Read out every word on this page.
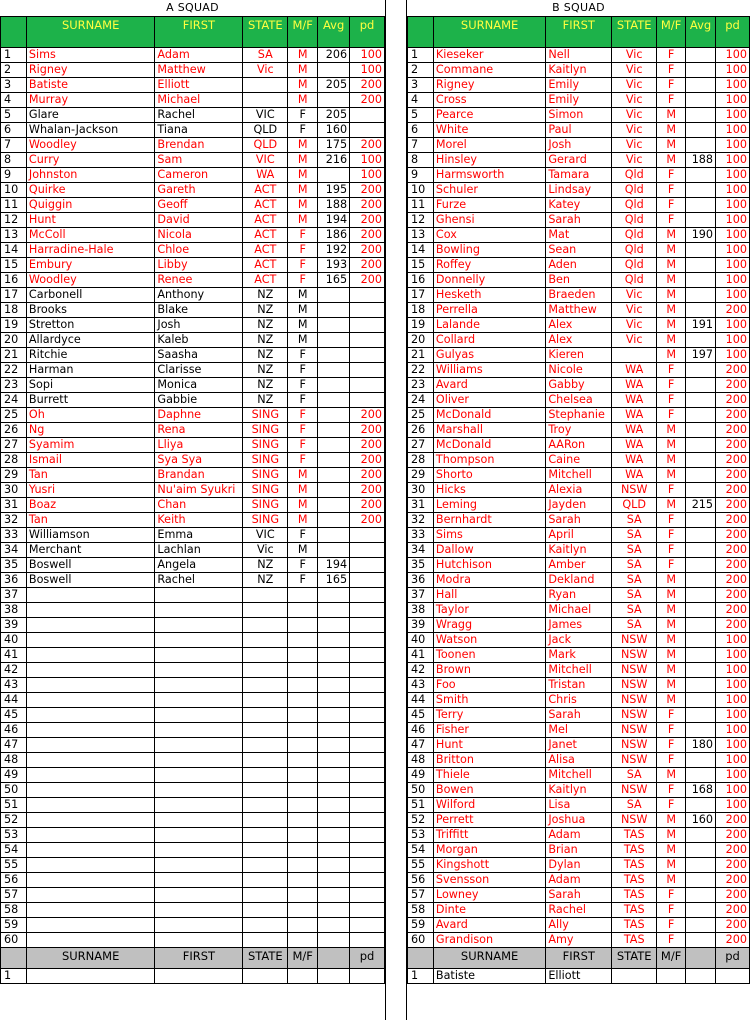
A SQUAD
	SURNAME	FIRST	STATE	M/F	Avg	pd
1	Sims	Adam	SA	M	206	100
2	Rigney	Matthew	Vic	M		100
3	Batiste	Elliott		M	205	200
4	Murray	Michael		M		200
5	Glare	Rachel	VIC	F	205	
6	Whalan-Jackson	Tiana	QLD	F	160	
7	Woodley	Brendan	QLD	M	175	200
8	Curry	Sam	VIC	M	216	100
9	Johnston	Cameron	WA	M		100
10	Quirke	Gareth	ACT	M	195	200
11	Quiggin	Geoff	ACT	M	188	200
12	Hunt	David	ACT	M	194	200
13	McColl	Nicola	ACT	F	186	200
14	Harradine-Hale	Chloe	ACT	F	192	200
15	Embury	Libby	ACT	F	193	200
16	Woodley	Renee	ACT	F	165	200
17	Carbonell	Anthony	NZ	M		
18	Brooks	Blake	NZ	M		
19	Stretton	Josh	NZ	M		
20	Allardyce	Kaleb	NZ	M		
21	Ritchie	Saasha	NZ	F		
22	Harman	Clarisse	NZ	F		
23	Sopi	Monica	NZ	F		
24	Burrett	Gabbie	NZ	F		
25	Oh	Daphne	SING	F		200
26	Ng	Rena	SING	F		200
27	Syamim	Lliya	SING	F		200
28	Ismail	Sya Sya	SING	F		200
29	Tan	Brandan	SING	M		200
30	Yusri	Nu'aim Syukri	SING	M		200
31	Boaz	Chan	SING	M		200
32	Tan	Keith	SING	M		200
33	Williamson	Emma	VIC	F		
34	Merchant	Lachlan	Vic	M		
35	Boswell	Angela	NZ	F	194	
36	Boswell	Rachel	NZ	F	165	
37						
38						
39						
40						
41						
42						
43						
44						
45						
46						
47						
48						
49						
50						
51						
52						
53						
54						
55						
56						
57						
58						
59						
60						
	SURNAME	FIRST	STATE	M/F		pd
1						
B SQUAD
	SURNAME	FIRST	STATE	M/F	Avg	pd
1	Kieseker	Nell	Vic	F		100
2	Commane	Kaitlyn	Vic	F		100
3	Rigney	Emily	Vic	F		100
4	Cross	Emily	Vic	F		100
5	Pearce	Simon	Vic	M		100
6	White	Paul	Vic	M		100
7	Morel	Josh	Vic	M		100
8	Hinsley	Gerard	Vic	M	188	100
9	Harmsworth	Tamara	Qld	F		100
10	Schuler	Lindsay	Qld	F		100
11	Furze	Katey	Qld	F		100
12	Ghensi	Sarah	Qld	F		100
13	Cox	Mat	Qld	M	190	100
14	Bowling	Sean	Qld	M		100
15	Roffey	Aden	Qld	M		100
16	Donnelly	Ben	Qld	M		100
17	Hesketh	Braeden	Vic	M		100
18	Perrella	Matthew	Vic	M		200
19	Lalande	Alex	Vic	M	191	100
20	Collard	Alex	Vic	M		100
21	Gulyas	Kieren		M	197	100
22	Williams	Nicole	WA	F		200
23	Avard	Gabby	WA	F		200
24	Oliver	Chelsea	WA	F		200
25	McDonald	Stephanie	WA	F		200
26	Marshall	Troy	WA	M		200
27	McDonald	AARon	WA	M		200
28	Thompson	Caine	WA	M		200
29	Shorto	Mitchell	WA	M		200
30	Hicks	Alexia	NSW	F		200
31	Leming	Jayden	QLD	M	215	200
32	Bernhardt	Sarah	SA	F		200
33	Sims	April	SA	F		200
34	Dallow	Kaitlyn	SA	F		200
35	Hutchison	Amber	SA	F		200
36	Modra	Dekland	SA	M		200
37	Hall	Ryan	SA	M		200
38	Taylor	Michael	SA	M		200
39	Wragg	James	SA	M		200
40	Watson	Jack	NSW	M		100
41	Toonen	Mark	NSW	M		100
42	Brown	Mitchell	NSW	M		100
43	Foo	Tristan	NSW	M		100
44	Smith	Chris	NSW	M		100
45	Terry	Sarah	NSW	F		100
46	Fisher	Mel	NSW	F		100
47	Hunt	Janet	NSW	F	180	100
48	Britton	Alisa	NSW	F		100
49	Thiele	Mitchell	SA	M		100
50	Bowen	Kaitlyn	NSW	F	168	100
51	Wilford	Lisa	SA	F		100
52	Perrett	Joshua	NSW	M	160	200
53	Triffitt	Adam	TAS	M		200
54	Morgan	Brian	TAS	M		200
55	Kingshott	Dylan	TAS	M		200
56	Svensson	Adam	TAS	M		200
57	Lowney	Sarah	TAS	F		200
58	Dinte	Rachel	TAS	F		200
59	Avard	Ally	TAS	F		200
60	Grandison	Amy	TAS	F		200
	SURNAME	FIRST	STATE	M/F		pd
1	Batiste	Elliott				
